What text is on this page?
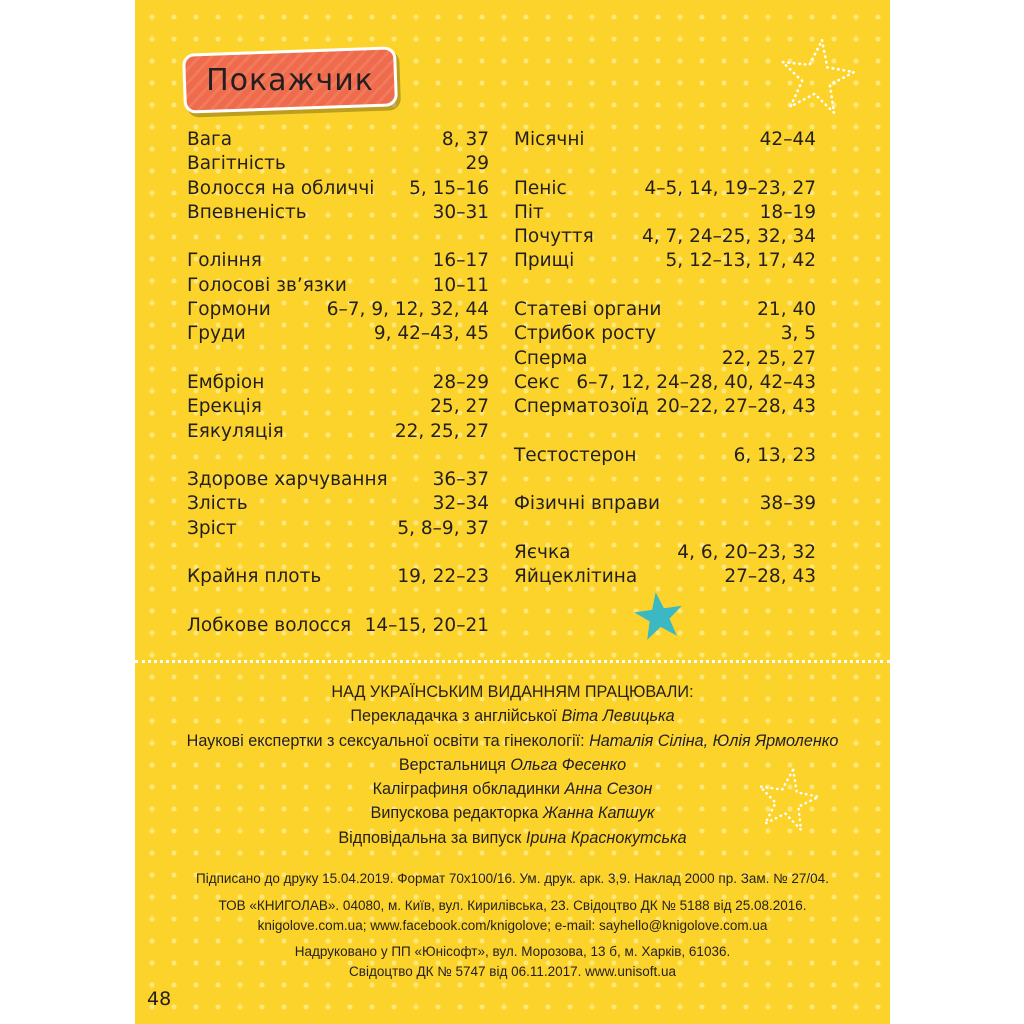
Покажчик
Вага	8, 37
Вагітність	29
Волосся на обличчі 5, 15–16
Впевненість	30–31
Гоління	16–17
Голосові зв’язки	10–11
Гормони	6–7, 9, 12, 32, 44
Груди	9, 42–43, 45
Ембріон	28–29
Ерекція	25, 27
Еякуляція	22, 25, 27
Здорове харчування 36–37
Злість	32–34
Зріст	5, 8–9, 37
Крайня плоть	19, 22–23
Лобкове волосся 14–15, 20–21
Місячні	42–44
Пеніс	4–5, 14, 19–23, 27
Піт	18–19
Почуття	4, 7, 24–25, 32, 34
Прищі	5, 12–13, 17, 42
Статеві органи	21, 40
Стрибок росту	3, 5
Сперма	22, 25, 27
Секс 6–7, 12, 24–28, 40, 42–43
Сперматозоїд 20–22, 27–28, 43
Тестостерон	6, 13, 23
Фізичні вправи	38–39
Яєчка	4, 6, 20–23, 32
Яйцеклітина	27–28, 43
НАД УКРАЇНСЬКИМ ВИДАННЯМ ПРАЦЮВАЛИ:
Перекладачка з англійської Віта Левицька
Наукові експертки з сексуальної освіти та гінекології: Наталія Сіліна, Юлія Ярмоленко
Верстальниця Ольга Фесенко
Каліграфиня обкладинки Анна Сезон
Випускова редакторка Жанна Капшук
Відповідальна за випуск Ірина Краснокутська
Підписано до друку 15.04.2019. Формат 70х100/16. Ум. друк. арк. 3,9. Наклад 2000 пр. Зам. № 27/04.
ТОВ «КНИГОЛАВ». 04080, м. Київ, вул. Кирилівська, 23. Свідоцтво ДК № 5188 від 25.08.2016.
knigolove.com.ua; www.facebook.com/knigolove; e-mail: sayhello@knigolove.com.ua
Надруковано у ПП «Юнісофт», вул. Морозова, 13 б, м. Харків, 61036.
Свідоцтво ДК № 5747 від 06.11.2017. www.unisoft.ua
48
